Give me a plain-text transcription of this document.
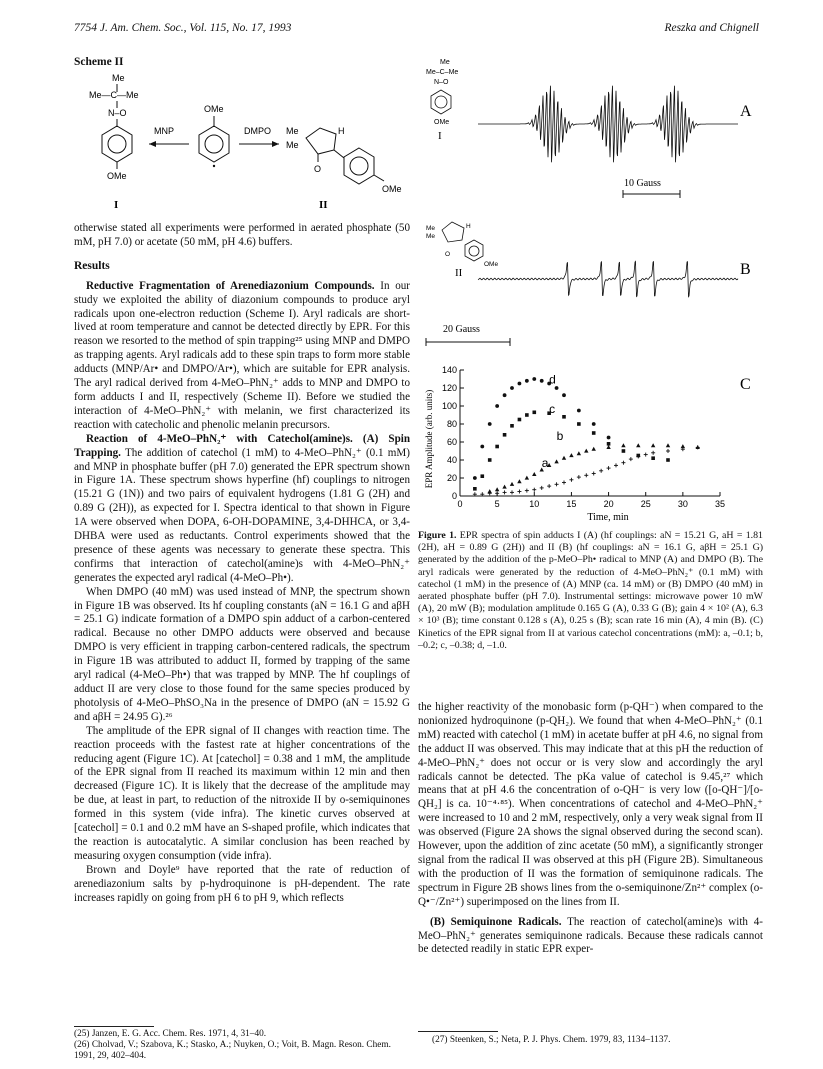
7754 J. Am. Chem. Soc., Vol. 115, No. 17, 1993	Reszka and Chignell
Scheme II
Me
Me—C—Me
N–O
OMe
I
MNP
OMe
DMPO Me
Me
H
O
OMe
II

otherwise stated all experiments were performed in aerated phosphate (50 mM, pH 7.0) or acetate (50 mM, pH 4.6) buffers.

Results

Reductive Fragmentation of Arenediazonium Compounds. In our study we exploited the ability of diazonium compounds to produce aryl radicals upon one-electron reduction (Scheme I). Aryl radicals are short-lived at room temperature and cannot be detected directly by EPR. For this reason we resorted to the method of spin trapping²⁵ using MNP and DMPO as trapping agents. Aryl radicals add to these spin traps to form more stable adducts (MNP/Ar• and DMPO/Ar•), which are suitable for EPR analysis. The aryl radical derived from 4-MeO–PhN₂⁺ adds to MNP and DMPO to form adducts I and II, respectively (Scheme II). Before we studied the interaction of 4-MeO–PhN₂⁺ with melanin, we first characterized its reaction with catecholic and phenolic melanin precursors.

Reaction of 4-MeO–PhN₂⁺ with Catechol(amine)s. (A) Spin Trapping. The addition of catechol (1 mM) to 4-MeO–PhN₂⁺ (0.1 mM) and MNP in phosphate buffer (pH 7.0) generated the EPR spectrum shown in Figure 1A. These spectrum shows hyperfine (hf) couplings to nitrogen (15.21 G (1N)) and two pairs of equivalent hydrogens (1.81 G (2H) and 0.89 G (2H)), as expected for I. Spectra identical to that shown in Figure 1A were observed when DOPA, 6-OH-DOPAMINE, 3,4-DHHCA, or 3,4-DHBA were used as reductants. Control experiments showed that the presence of these agents was necessary to generate these spectra. This confirms that interaction of catechol(amine)s with 4-MeO–PhN₂⁺ generates the expected aryl radical (4-MeO–Ph•).

When DMPO (40 mM) was used instead of MNP, the spectrum shown in Figure 1B was observed. Its hf coupling constants (aN = 16.1 G and aβH = 25.1 G) indicate formation of a DMPO spin adduct of a carbon-centered radical. Because no other DMPO adducts were observed and because DMPO is very efficient in trapping carbon-centered radicals, the spectrum in Figure 1B was attributed to adduct II, formed by trapping of the same aryl radical (4-MeO–Ph•) that was trapped by MNP. The hf couplings of adduct II are very close to those found for the same species produced by photolysis of 4-MeO–PhSO₃Na in the presence of DMPO (aN = 15.92 G and aβH = 24.95 G).²⁶

The amplitude of the EPR signal of II changes with reaction time. The reaction proceeds with the fastest rate at higher concentrations of the reducing agent (Figure 1C). At [catechol] = 0.38 and 1 mM, the amplitude of the EPR signal from II reached its maximum within 12 min and then decreased (Figure 1C). It is likely that the decrease of the amplitude may be due, at least in part, to reduction of the nitroxide II by o-semiquinones formed in this system (vide infra). The kinetic curves observed at [catechol] = 0.1 and 0.2 mM have an S-shaped profile, which indicates that the reaction is autocatalytic. A similar conclusion has been reached by measuring oxygen consumption (vide infra).

Brown and Doyle⁹ have reported that the rate of reduction of arenediazonium salts by p-hydroquinone is pH-dependent. The rate increases rapidly on going from pH 6 to pH 9, which reflects

(25) Janzen, E. G. Acc. Chem. Res. 1971, 4, 31–40.
(26) Cholvad, V.; Szabova, K.; Stasko, A.; Nuyken, O.; Voit, B. Magn. Reson. Chem. 1991, 29, 402–404.
Me
Me–C–Me
N–O
OMe
I
A
10 Gauss
Me
Me
H
O
OMe
II	B
20 Gauss
C
EPR Amplitude (arb. units)
Time, min
0	5	10	15	20	25	30	35
0
20
40
60
80
100
120
140
a
b
c
d

Figure 1. EPR spectra of spin adducts I (A) (hf couplings: aN = 15.21 G, aH = 1.81 (2H), aH = 0.89 G (2H)) and II (B) (hf couplings: aN = 16.1 G, aβH = 25.1 G) generated by the addition of the p-MeO–Ph• radical to MNP (A) and DMPO (B). The aryl radicals were generated by the reduction of 4-MeO–PhN₂⁺ (0.1 mM) with catechol (1 mM) in the presence of (A) MNP (ca. 14 mM) or (B) DMPO (40 mM) in aerated phosphate buffer (pH 7.0). Instrumental settings: microwave power 10 mW (A), 20 mW (B); modulation amplitude 0.165 G (A), 0.33 G (B); gain 4 × 10² (A), 6.3 × 10³ (B); time constant 0.128 s (A), 0.25 s (B); scan rate 16 min (A), 4 min (B). (C) Kinetics of the EPR signal from II at various catechol concentrations (mM): a, –0.1; b, –0.2; c, –0.38; d, –1.0.

the higher reactivity of the monobasic form (p-QH⁻) when compared to the nonionized hydroquinone (p-QH₂). We found that when 4-MeO–PhN₂⁺ (0.1 mM) reacted with catechol (1 mM) in acetate buffer at pH 4.6, no signal from the adduct II was observed. This may indicate that at this pH the reduction of 4-MeO–PhN₂⁺ does not occur or is very slow and accordingly the aryl radicals cannot be detected. The pKa value of catechol is 9.45,²⁷ which means that at pH 4.6 the concentration of o-QH⁻ is very low ([o-QH⁻]/[o-QH₂] is ca. 10⁻⁴·⁸⁵). When concentrations of catechol and 4-MeO–PhN₂⁺ were increased to 10 and 2 mM, respectively, only a very weak signal from II was observed (Figure 2A shows the signal observed during the second scan). However, upon the addition of zinc acetate (50 mM), a significantly stronger signal from the radical II was observed at this pH (Figure 2B). Simultaneous with the production of II was the formation of semiquinone radicals. The spectrum in Figure 2B shows lines from the o-semiquinone/Zn²⁺ complex (o-Q•⁻/Zn²⁺) superimposed on the lines from II.

(B) Semiquinone Radicals. The reaction of catechol(amine)s with 4-MeO–PhN₂⁺ generates semiquinone radicals. Because these radicals cannot be detected readily in static EPR exper-

(27) Steenken, S.; Neta, P. J. Phys. Chem. 1979, 83, 1134–1137.
